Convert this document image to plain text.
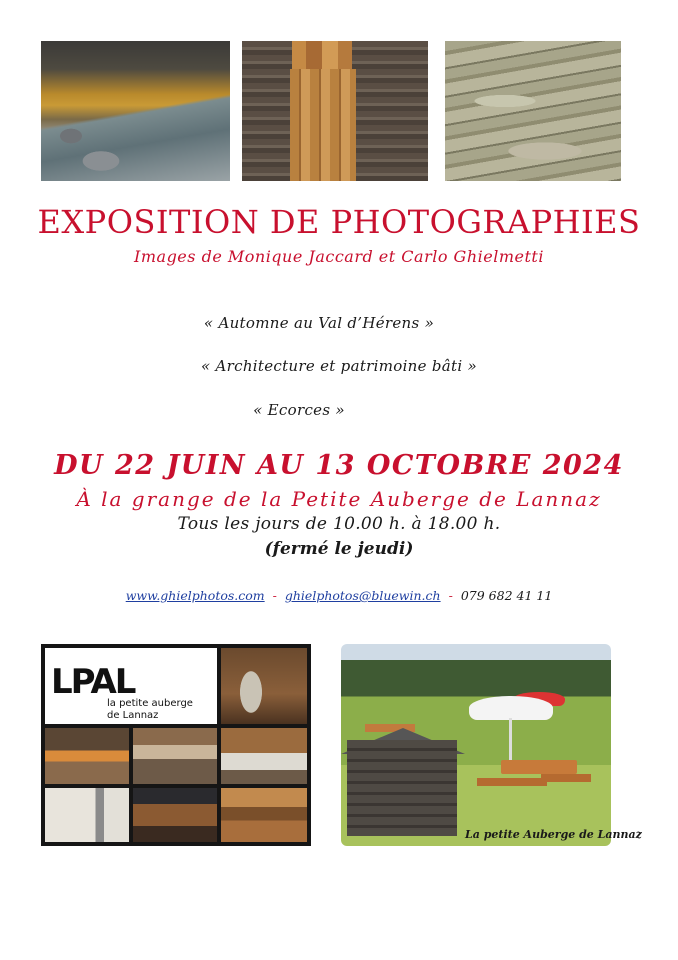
EXPOSITION DE PHOTOGRAPHIES
Images de Monique Jaccard et Carlo Ghielmetti
« Automne au Val d’Hérens »
« Architecture et patrimoine bâti »
« Ecorces »
DU 22 JUIN AU 13 OCTOBRE 2024
À la grange de la Petite Auberge de Lannaz
Tous les jours de 10.00 h. à 18.00 h.
(fermé le jeudi)
www.ghielphotos.com - ghielphotos@bluewin.ch - 079 682 41 11
LPAL
la petite auberge
de Lannaz
La petite Auberge de Lannaz
